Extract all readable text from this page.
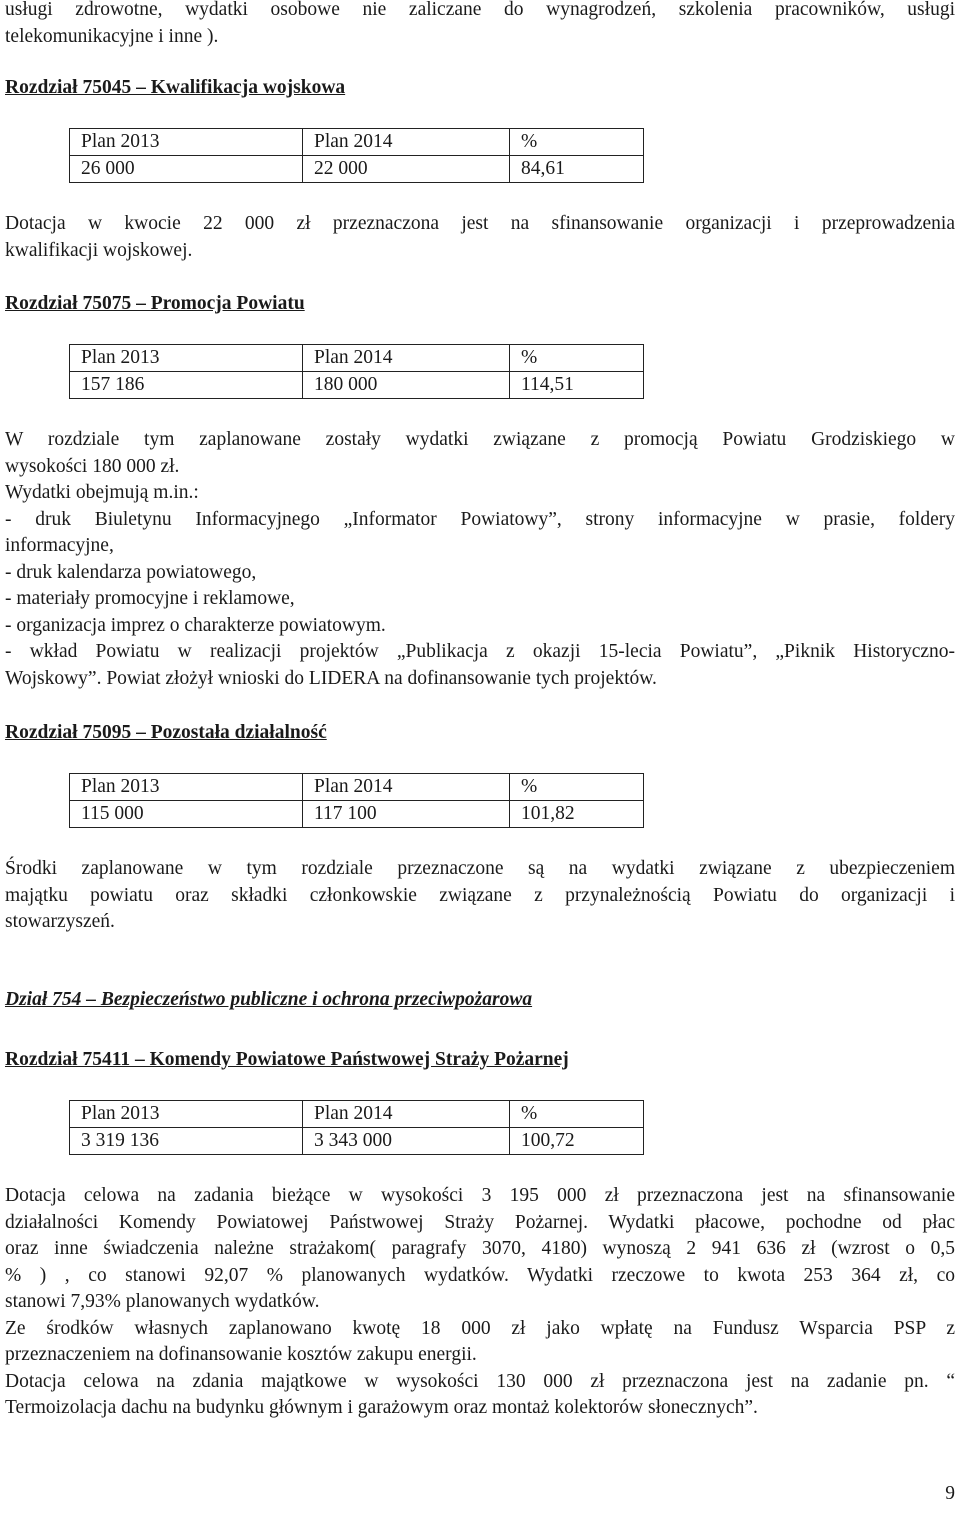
usługi zdrowotne, wydatki osobowe nie zaliczane do wynagrodzeń, szkolenia pracowników, usługi
telekomunikacyjne i inne ).
Rozdział 75045 – Kwalifikacja wojskowa
Plan 2013	Plan 2014	%
26 000	22 000	84,61
Dotacja w kwocie 22 000 zł przeznaczona jest na sfinansowanie organizacji i przeprowadzenia
kwalifikacji wojskowej.
Rozdział 75075 – Promocja Powiatu
Plan 2013	Plan 2014	%
157 186	180 000	114,51
W rozdziale tym zaplanowane zostały wydatki związane z promocją Powiatu Grodziskiego w
wysokości 180 000 zł.
Wydatki obejmują m.in.:
- druk Biuletynu Informacyjnego „Informator Powiatowy”, strony informacyjne w prasie, foldery
informacyjne,
- druk kalendarza powiatowego,
- materiały promocyjne i reklamowe,
- organizacja imprez o charakterze powiatowym.
- wkład Powiatu w realizacji projektów „Publikacja z okazji 15-lecia Powiatu”, „Piknik Historyczno-
Wojskowy”. Powiat złożył wnioski do LIDERA na dofinansowanie tych projektów.
Rozdział 75095 – Pozostała działalność
Plan 2013	Plan 2014	%
115 000	117 100	101,82
Środki zaplanowane w tym rozdziale przeznaczone są na wydatki związane z ubezpieczeniem
majątku powiatu oraz składki członkowskie związane z przynależnością Powiatu do organizacji i
stowarzyszeń.
Dział 754 – Bezpieczeństwo publiczne i ochrona przeciwpożarowa
Rozdział 75411 – Komendy Powiatowe Państwowej Straży Pożarnej
Plan 2013	Plan 2014	%
3 319 136	3 343 000	100,72
Dotacja celowa na zadania bieżące w wysokości 3 195 000 zł przeznaczona jest na sfinansowanie
działalności Komendy Powiatowej Państwowej Straży Pożarnej. Wydatki płacowe, pochodne od płac
oraz inne świadczenia należne strażakom( paragrafy 3070, 4180) wynoszą 2 941 636 zł (wzrost o 0,5
% ) , co stanowi 92,07 % planowanych wydatków. Wydatki rzeczowe to kwota 253 364 zł, co
stanowi 7,93% planowanych wydatków.
Ze środków własnych zaplanowano kwotę 18 000 zł jako wpłatę na Fundusz Wsparcia PSP z
przeznaczeniem na dofinansowanie kosztów zakupu energii.
Dotacja celowa na zdania majątkowe w wysokości 130 000 zł przeznaczona jest na zadanie pn. “
Termoizolacja dachu na budynku głównym i garażowym oraz montaż kolektorów słonecznych”.
9
